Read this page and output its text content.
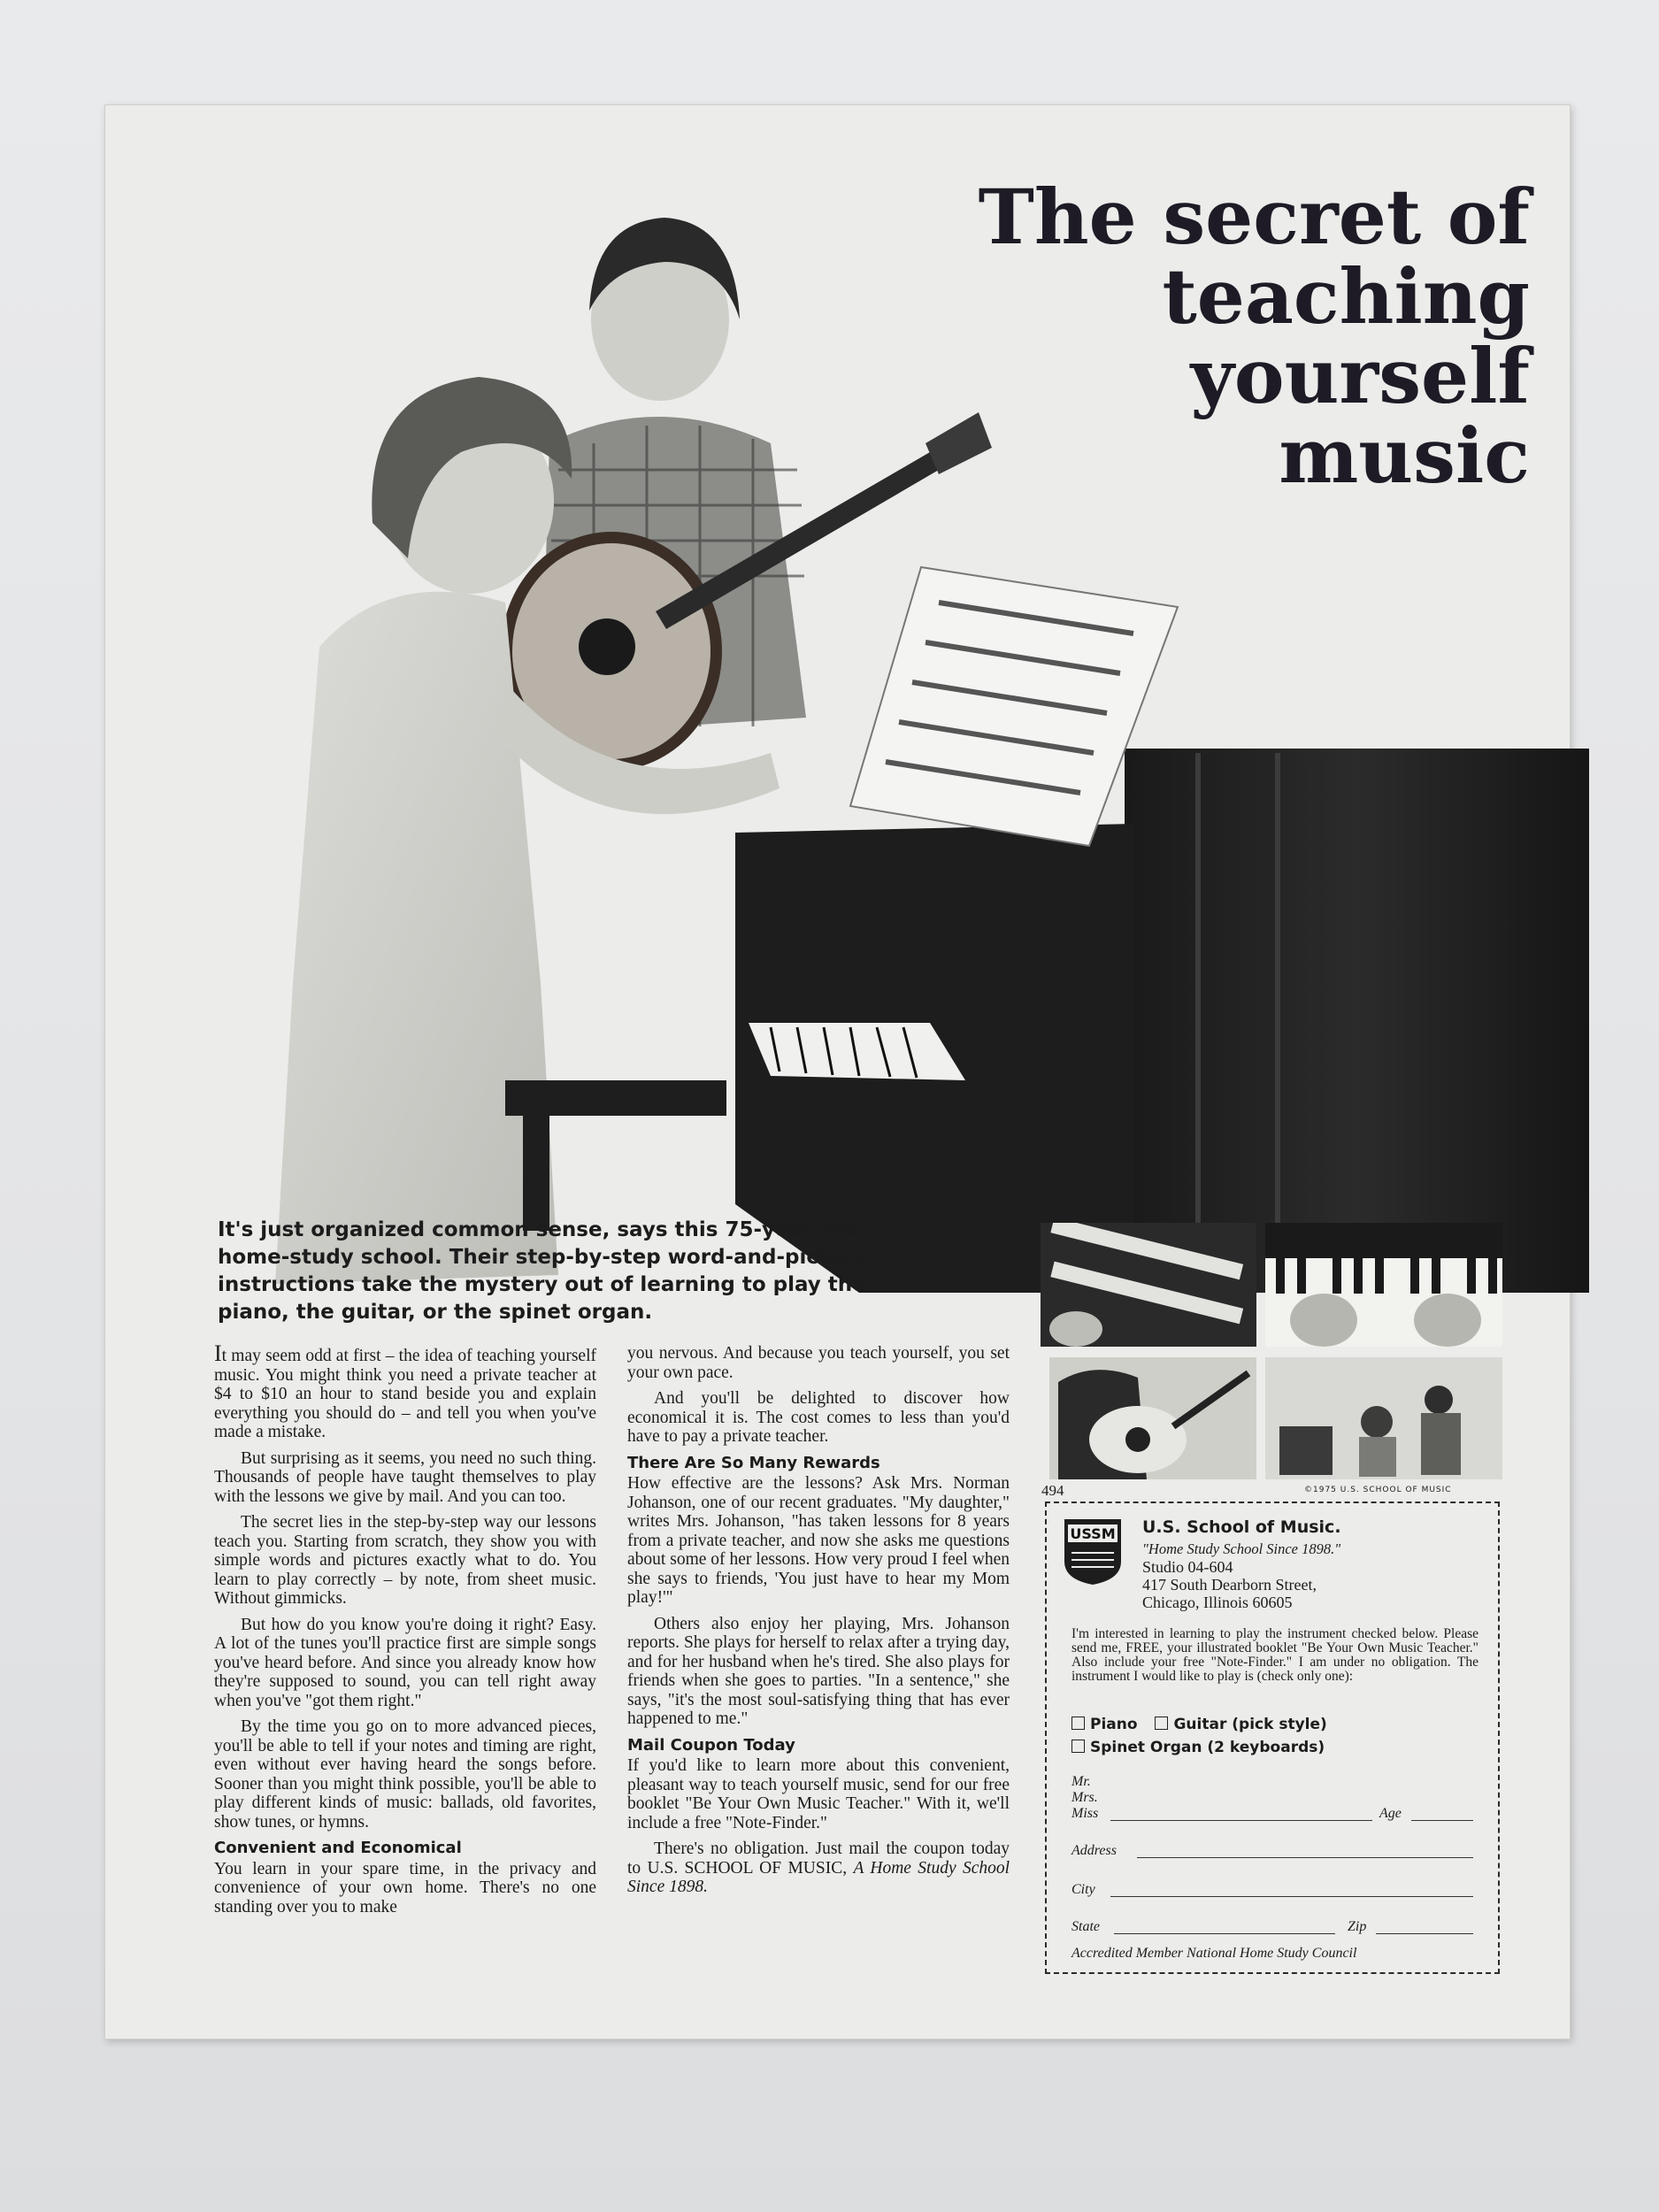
The secret of
teaching yourself
music

It's just organized common sense, says this 75-year-old home-study school. Their step-by-step word-and-picture instructions take the mystery out of learning to play the piano, the guitar, or the spinet organ.

It may seem odd at first – the idea of teaching yourself music. You might think you need a private teacher at $4 to $10 an hour to stand beside you and explain everything you should do – and tell you when you've made a mistake.

But surprising as it seems, you need no such thing. Thousands of people have taught themselves to play with the lessons we give by mail. And you can too.

The secret lies in the step-by-step way our lessons teach you. Starting from scratch, they show you with simple words and pictures exactly what to do. You learn to play correctly – by note, from sheet music. Without gimmicks.

But how do you know you're doing it right? Easy. A lot of the tunes you'll practice first are simple songs you've heard before. And since you already know how they're supposed to sound, you can tell right away when you've "got them right."

By the time you go on to more advanced pieces, you'll be able to tell if your notes and timing are right, even without ever having heard the songs before. Sooner than you might think possible, you'll be able to play different kinds of music: ballads, old favorites, show tunes, or hymns.

Convenient and Economical

You learn in your spare time, in the privacy and convenience of your own home. There's no one standing over you to make

you nervous. And because you teach yourself, you set your own pace.

And you'll be delighted to discover how economical it is. The cost comes to less than you'd have to pay a private teacher.

There Are So Many Rewards

How effective are the lessons? Ask Mrs. Norman Johanson, one of our recent graduates. "My daughter," writes Mrs. Johanson, "has taken lessons for 8 years from a private teacher, and now she asks me questions about some of her lessons. How very proud I feel when she says to friends, 'You just have to hear my Mom play!'"

Others also enjoy her playing, Mrs. Johanson reports. She plays for herself to relax after a trying day, and for her husband when he's tired. She also plays for friends when she goes to parties. "In a sentence," she says, "it's the most soul-satisfying thing that has ever happened to me."

Mail Coupon Today

If you'd like to learn more about this convenient, pleasant way to teach yourself music, send for our free booklet "Be Your Own Music Teacher." With it, we'll include a free "Note-Finder."

There's no obligation. Just mail the coupon today to U.S. SCHOOL OF MUSIC, A Home Study School Since 1898.

494	©1975 U.S. SCHOOL OF MUSIC
USSM U.S. School of Music.
"Home Study School Since 1898."
Studio 04-604
417 South Dearborn Street,
Chicago, Illinois 60605

I'm interested in learning to play the instrument checked below. Please send me, FREE, your illustrated booklet "Be Your Own Music Teacher." Also include your free "Note-Finder." I am under no obligation. The instrument I would like to play is (check only one):

Piano Guitar (pick style)
Spinet Organ (2 keyboards)
Mr.
Mrs.
Miss	Age
Address
City
State	Zip
Accredited Member National Home Study Council
